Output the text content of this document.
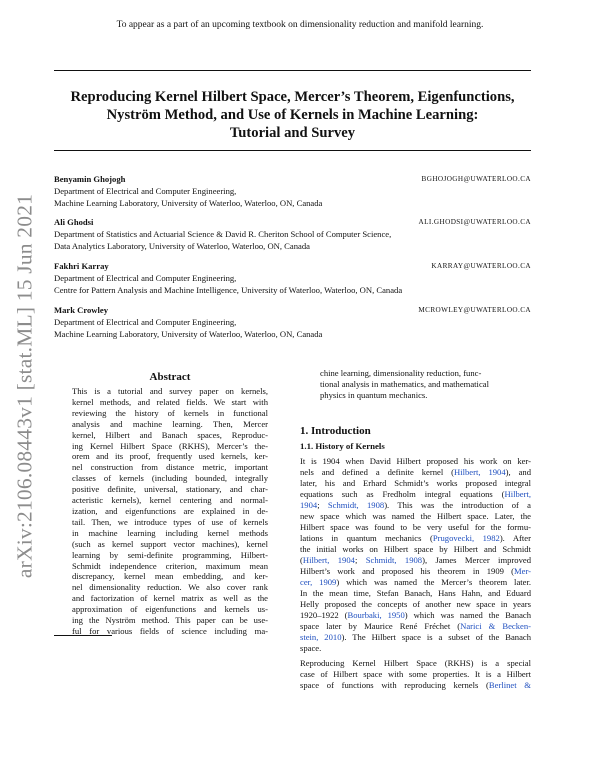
To appear as a part of an upcoming textbook on dimensionality reduction and manifold learning.
Reproducing Kernel Hilbert Space, Mercer’s Theorem, Eigenfunctions,
Nyström Method, and Use of Kernels in Machine Learning:
Tutorial and Survey
Benyamin Ghojogh	BGHOJOGH@UWATERLOO.CA
Department of Electrical and Computer Engineering,
Machine Learning Laboratory, University of Waterloo, Waterloo, ON, Canada
Ali Ghodsi	ALI.GHODSI@UWATERLOO.CA
Department of Statistics and Actuarial Science & David R. Cheriton School of Computer Science,
Data Analytics Laboratory, University of Waterloo, Waterloo, ON, Canada
Fakhri Karray	KARRAY@UWATERLOO.CA
Department of Electrical and Computer Engineering,
Centre for Pattern Analysis and Machine Intelligence, University of Waterloo, Waterloo, ON, Canada
Mark Crowley	MCROWLEY@UWATERLOO.CA
Department of Electrical and Computer Engineering,
Machine Learning Laboratory, University of Waterloo, Waterloo, ON, Canada
arXiv:2106.08443v1 [stat.ML] 15 Jun 2021	Abstract
This is a tutorial and survey paper on kernels,
kernel methods, and related fields. We start with
reviewing the history of kernels in functional
analysis and machine learning. Then, Mercer
kernel, Hilbert and Banach spaces, Reproduc-
ing Kernel Hilbert Space (RKHS), Mercer’s the-
orem and its proof, frequently used kernels, ker-
nel construction from distance metric, important
classes of kernels (including bounded, integrally
positive definite, universal, stationary, and char-
acteristic kernels), kernel centering and normal-
ization, and eigenfunctions are explained in de-
tail. Then, we introduce types of use of kernels
in machine learning including kernel methods
(such as kernel support vector machines), kernel
learning by semi-definite programming, Hilbert-
Schmidt independence criterion, maximum mean
discrepancy, kernel mean embedding, and ker-
nel dimensionality reduction. We also cover rank
and factorization of kernel matrix as well as the
approximation of eigenfunctions and kernels us-
ing the Nyström method. This paper can be use-
ful for various fields of science including ma-
chine learning, dimensionality reduction, func-
tional analysis in mathematics, and mathematical
physics in quantum mechanics.
1. Introduction
1.1. History of Kernels
It is 1904 when David Hilbert proposed his work on ker-
nels and defined a definite kernel (Hilbert, 1904), and
later, his and Erhard Schmidt’s works proposed integral
equations such as Fredholm integral equations (Hilbert,
1904; Schmidt, 1908). This was the introduction of a
new space which was named the Hilbert space. Later, the
Hilbert space was found to be very useful for the formu-
lations in quantum mechanics (Prugovecki, 1982). After
the initial works on Hilbert space by Hilbert and Schmidt
(Hilbert, 1904; Schmidt, 1908), James Mercer improved
Hilbert’s work and proposed his theorem in 1909 (Mer-
cer, 1909) which was named the Mercer’s theorem later.
In the mean time, Stefan Banach, Hans Hahn, and Eduard
Helly proposed the concepts of another new space in years
1920–1922 (Bourbaki, 1950) which was named the Banach
space later by Maurice René Fréchet (Narici & Becken-
stein, 2010). The Hilbert space is a subset of the Banach
space.
Reproducing Kernel Hilbert Space (RKHS) is a special
case of Hilbert space with some properties. It is a Hilbert
space of functions with reproducing kernels (Berlinet &
